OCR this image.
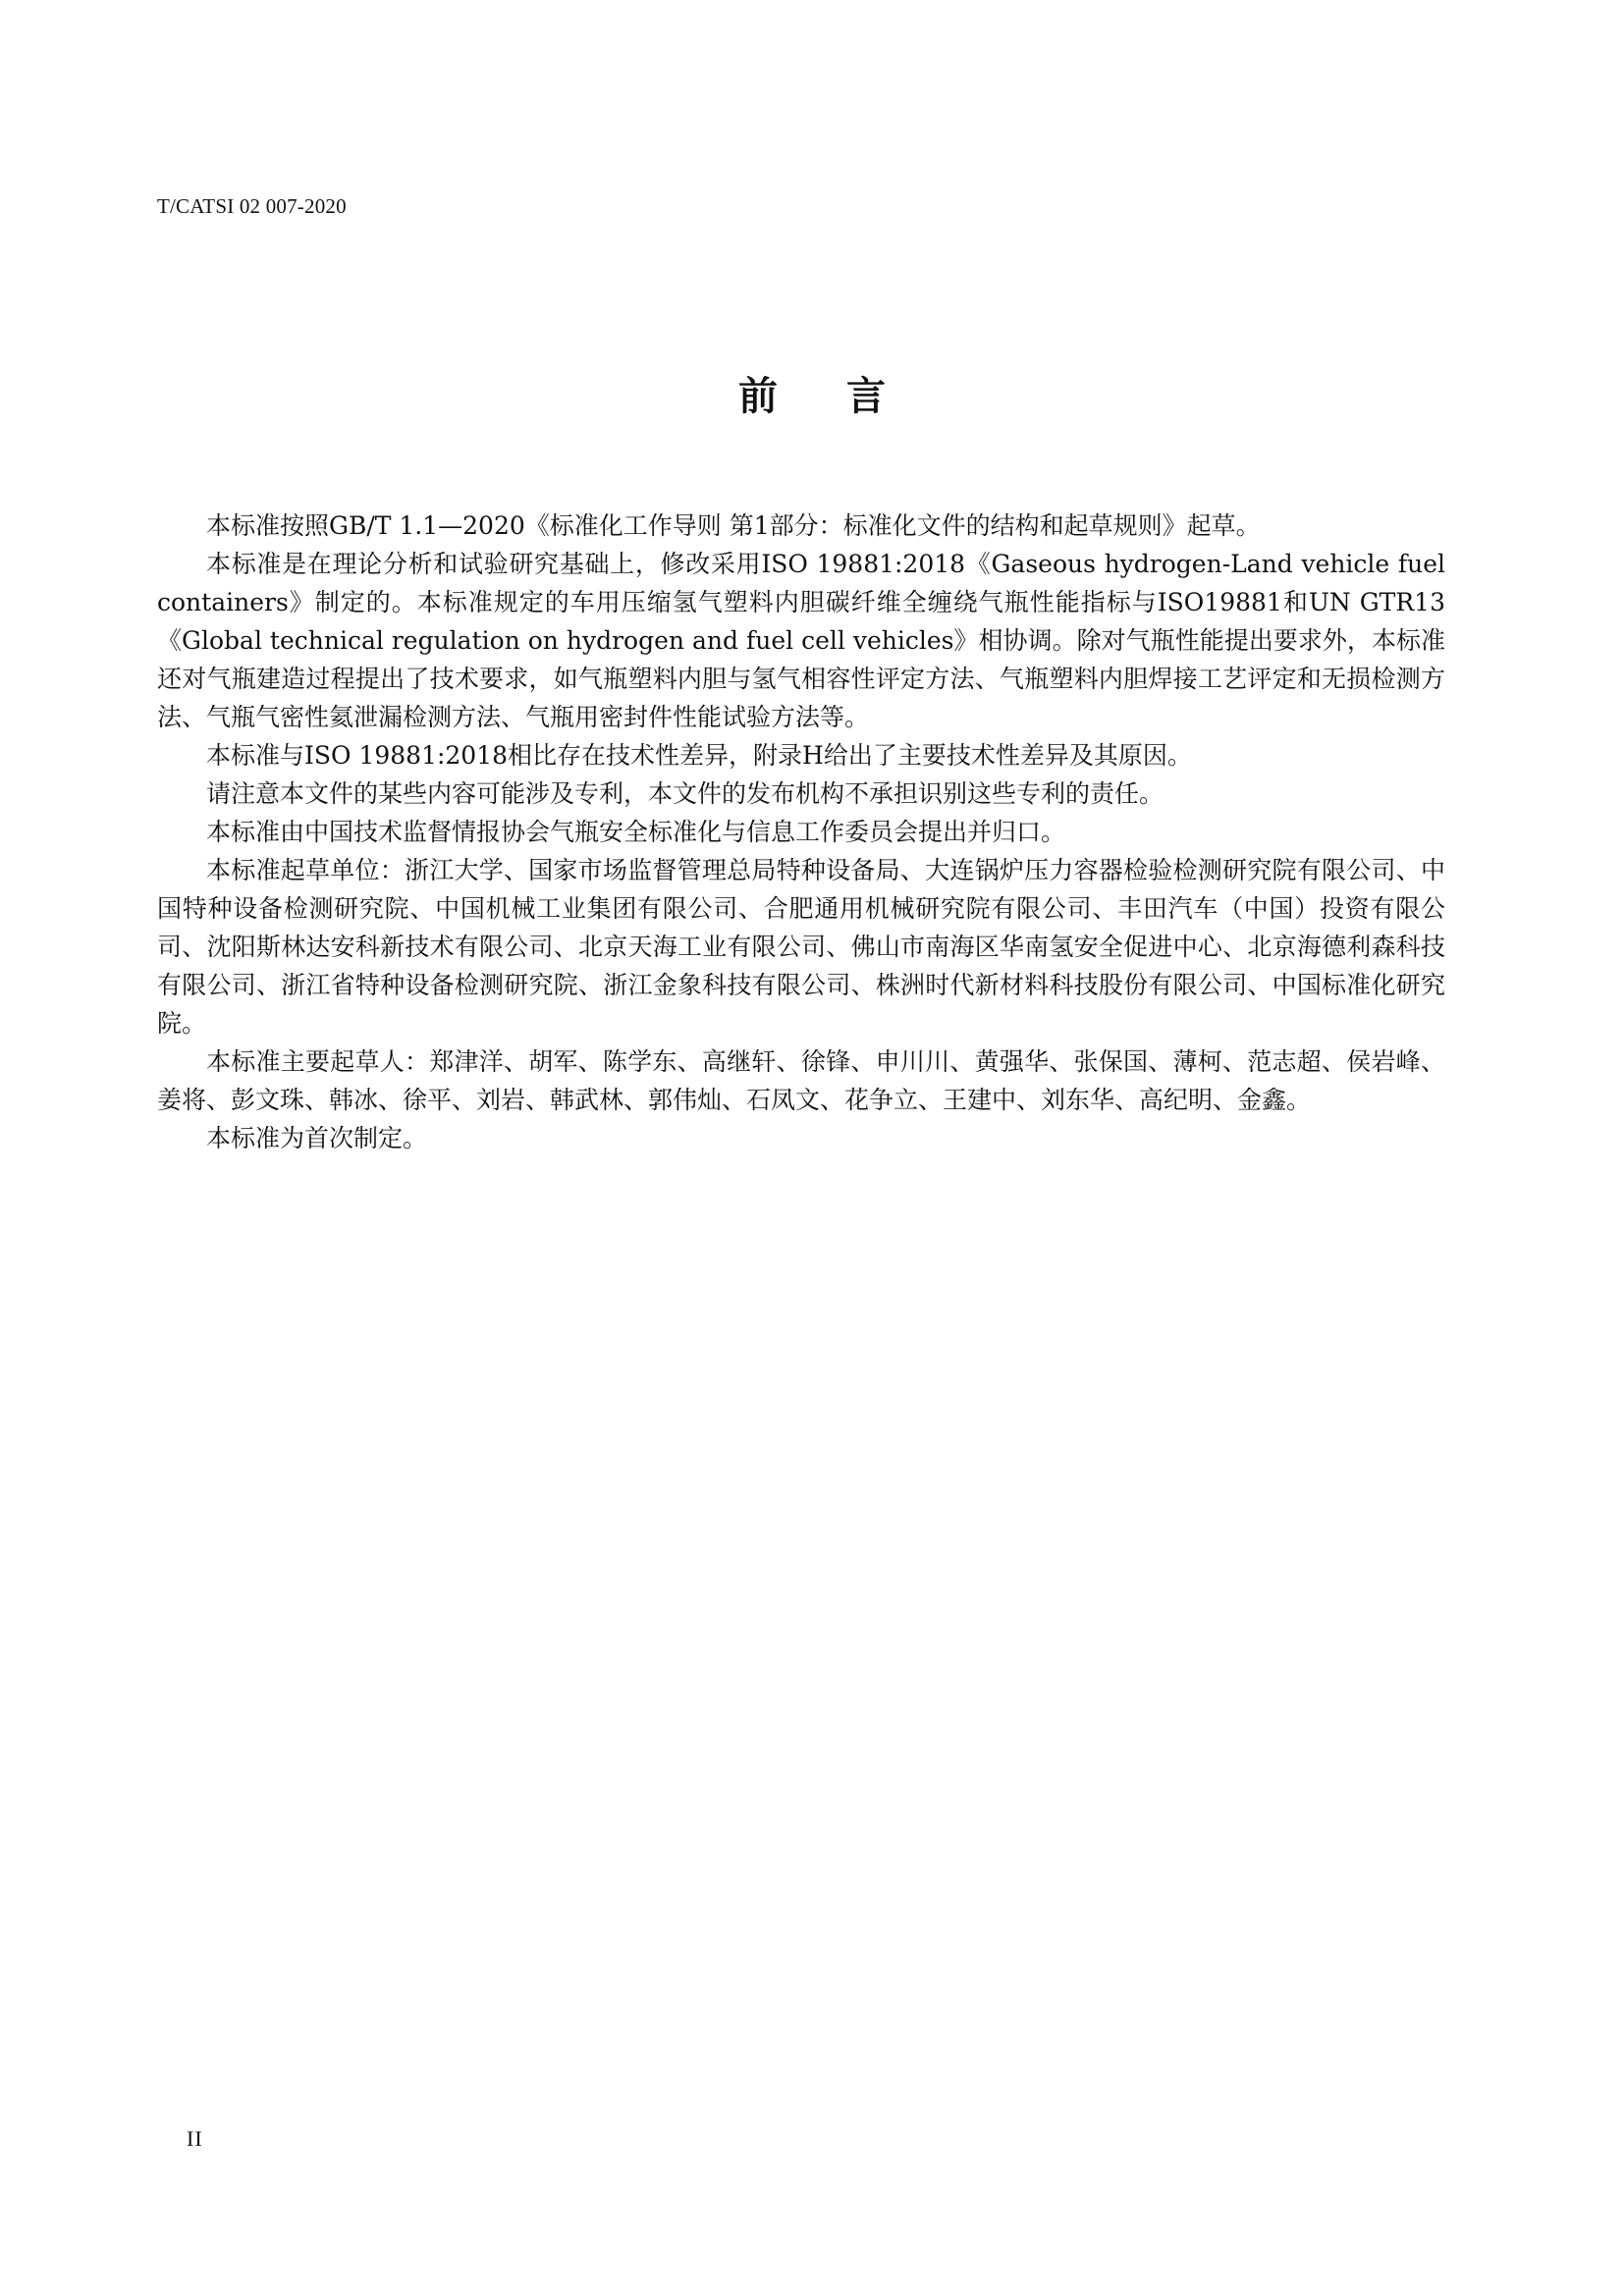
T/CATSI 02 007-2020
前言

本标准按照GB/T 1.1—2020《标准化工作导则 第1部分：标准化文件的结构和起草规则》起草。

本标准是在理论分析和试验研究基础上，修改采用ISO 19881:2018《Gaseous hydrogen-Land vehicle fuel containers》制定的。本标准规定的车用压缩氢气塑料内胆碳纤维全缠绕气瓶性能指标与ISO19881和UN GTR13《Global technical regulation on hydrogen and fuel cell vehicles》相协调。除对气瓶性能提出要求外，本标准还对气瓶建造过程提出了技术要求，如气瓶塑料内胆与氢气相容性评定方法、气瓶塑料内胆焊接工艺评定和无损检测方法、气瓶气密性氦泄漏检测方法、气瓶用密封件性能试验方法等。

本标准与ISO 19881:2018相比存在技术性差异，附录H给出了主要技术性差异及其原因。

请注意本文件的某些内容可能涉及专利，本文件的发布机构不承担识别这些专利的责任。

本标准由中国技术监督情报协会气瓶安全标准化与信息工作委员会提出并归口。

本标准起草单位：浙江大学、国家市场监督管理总局特种设备局、大连锅炉压力容器检验检测研究院有限公司、中国特种设备检测研究院、中国机械工业集团有限公司、合肥通用机械研究院有限公司、丰田汽车（中国）投资有限公司、沈阳斯林达安科新技术有限公司、北京天海工业有限公司、佛山市南海区华南氢安全促进中心、北京海德利森科技有限公司、浙江省特种设备检测研究院、浙江金象科技有限公司、株洲时代新材料科技股份有限公司、中国标准化研究院。

本标准主要起草人：郑津洋、胡军、陈学东、高继轩、徐锋、申川川、黄强华、张保国、薄柯、范志超、侯岩峰、姜将、彭文珠、韩冰、徐平、刘岩、韩武林、郭伟灿、石凤文、花争立、王建中、刘东华、高纪明、金鑫。

本标准为首次制定。

II
